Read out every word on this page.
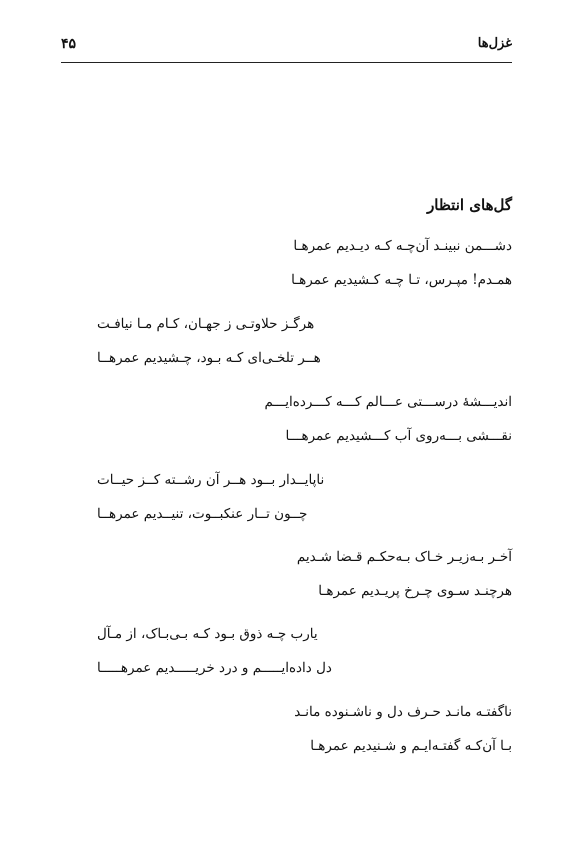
۴۵	غزل‌ها
گل‌های انتظار
دشـــمن نبینـد آن‌چـه کـه دیـدیم عمرهـا
همـدم! مپـرس، تـا چـه کـشیدیم عمرهـا
هرگـز حلاوتـی ز جهـان، کـام مـا نیافـت
هــر تلخـی‌ای کـه بـود، چـشیدیم عمرهــا
اندیـــشهٔ درســـتی عـــالم کـــه کـــرده‌ایـــم
نقـــشی بـــه‌روی آب کـــشیدیم عمرهـــا
ناپایــدار بــود هــر آن رشــته کــز حیــات
چــون تــار عنکبــوت، تنیــدیم عمرهــا
آخـر بـه‌زیـر خـاک بـه‌حکـم قـضا شـدیم
هرچنـد سـوی چـرخ پریـدیم عمرهـا
یارب چـه ذوق بـود کـه بـی‌بـاک، از مـآل
دل داده‌ایـــــم و درد خریـــــدیم عمرهـــــا
ناگفتـه مانـد حـرف دل و ناشـنوده مانـد
بـا آن‌کـه گفتـه‌ایـم و شـنیدیم عمرهـا
